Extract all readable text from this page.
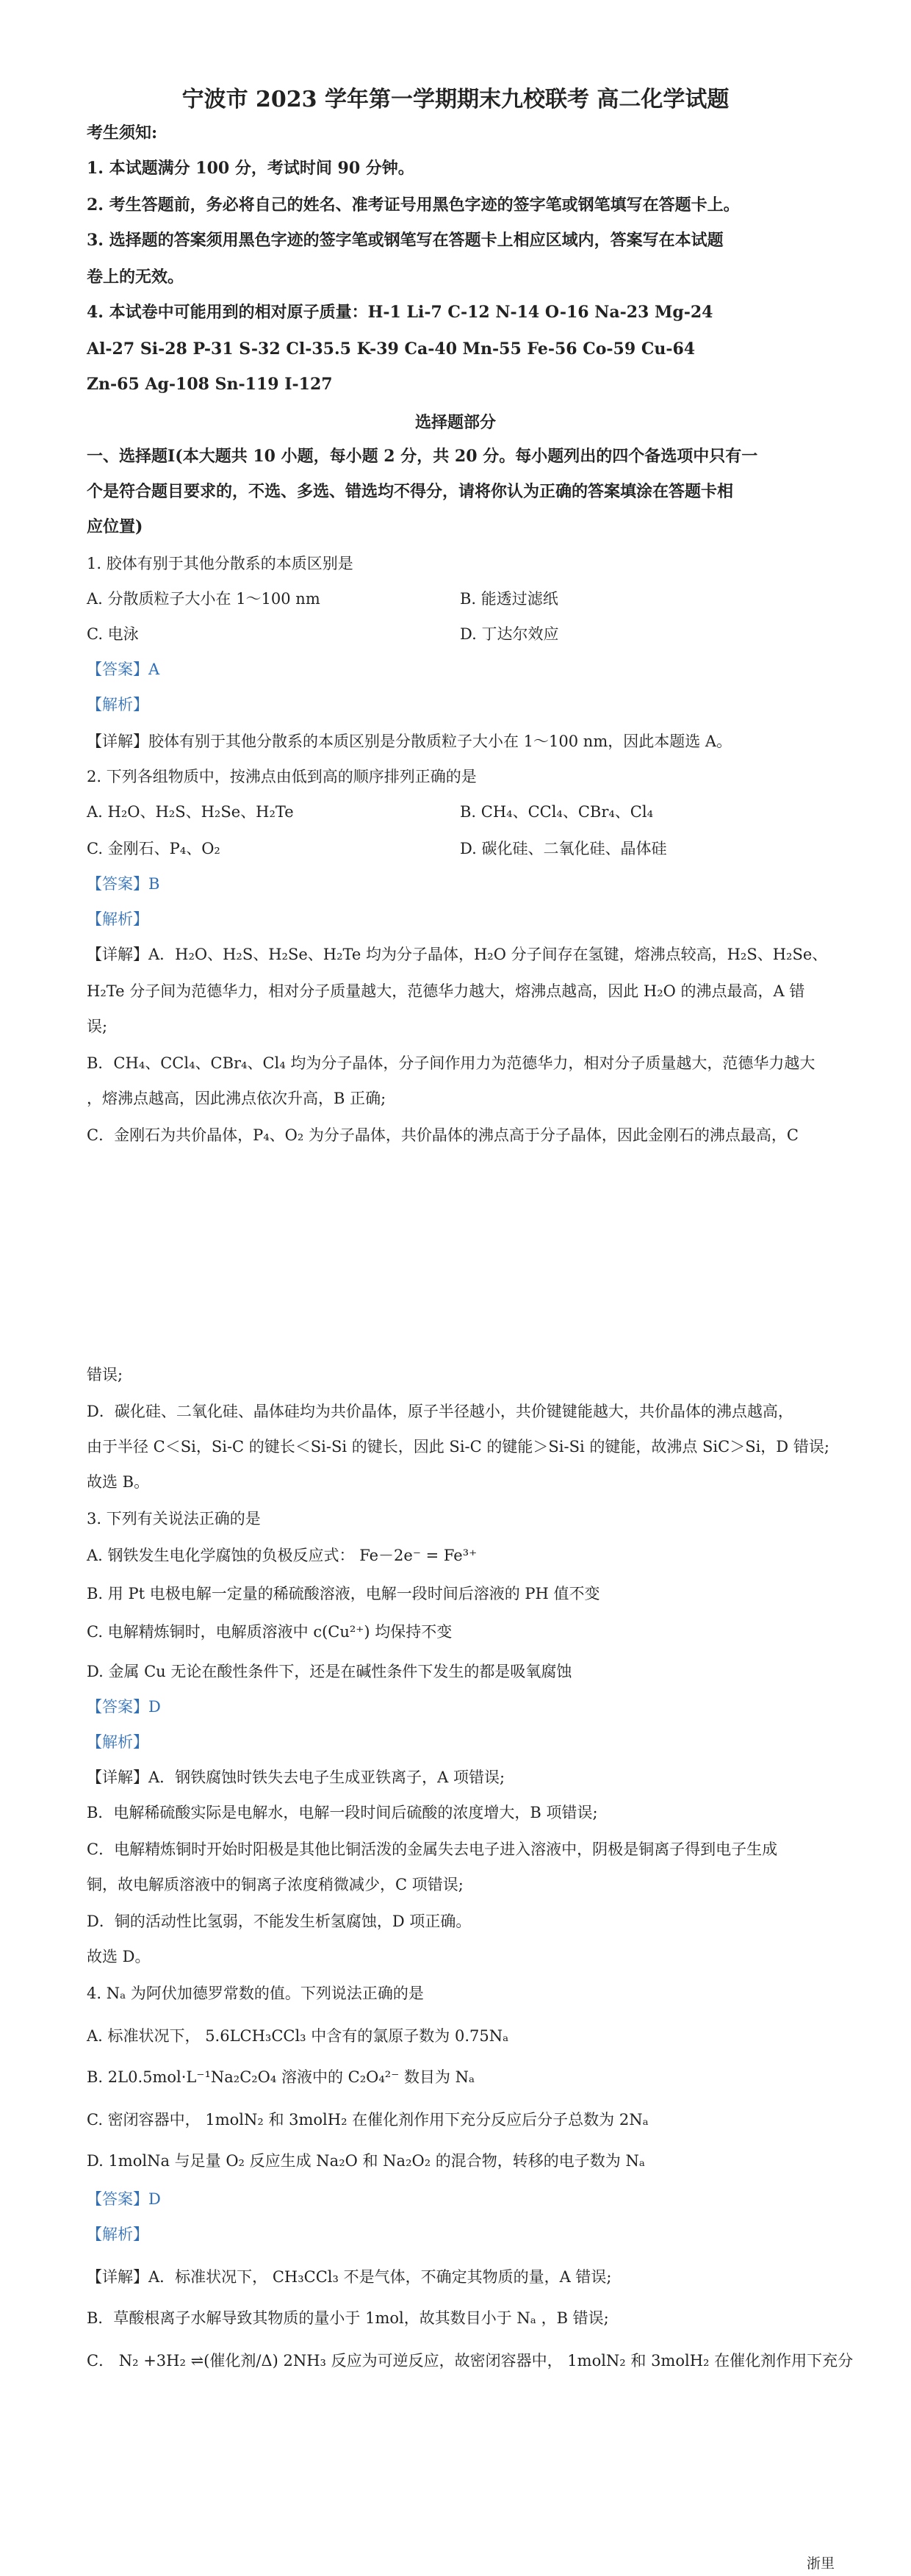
宁波市 2023 学年第一学期期末九校联考 高二化学试题
考生须知:
1. 本试题满分 100 分，考试时间 90 分钟。
2. 考生答题前，务必将自己的姓名、准考证号用黑色字迹的签字笔或钢笔填写在答题卡上。
3. 选择题的答案须用黑色字迹的签字笔或钢笔写在答题卡上相应区域内，答案写在本试题
卷上的无效。
4. 本试卷中可能用到的相对原子质量：H-1 Li-7 C-12 N-14 O-16 Na-23 Mg-24
Al-27 Si-28 P-31 S-32 Cl-35.5 K-39 Ca-40 Mn-55 Fe-56 Co-59 Cu-64
Zn-65 Ag-108 Sn-119 I-127
选择题部分
一、选择题Ⅰ(本大题共 10 小题，每小题 2 分，共 20 分。每小题列出的四个备选项中只有一
个是符合题目要求的，不选、多选、错选均不得分，请将你认为正确的答案填涂在答题卡相
应位置)
1. 胶体有别于其他分散系的本质区别是
A. 分散质粒子大小在 1～100 nm	B. 能透过滤纸
C. 电泳	D. 丁达尔效应
【答案】A
【解析】
【详解】胶体有别于其他分散系的本质区别是分散质粒子大小在 1～100 nm，因此本题选 A。
2. 下列各组物质中，按沸点由低到高的顺序排列正确的是
A. H₂O、H₂S、H₂Se、H₂Te	B. CH₄、CCl₄、CBr₄、Cl₄
C. 金刚石、P₄、O₂	D. 碳化硅、二氧化硅、晶体硅
【答案】B
【解析】
【详解】A．H₂O、H₂S、H₂Se、H₂Te 均为分子晶体，H₂O 分子间存在氢键，熔沸点较高，H₂S、H₂Se、
H₂Te 分子间为范德华力，相对分子质量越大，范德华力越大，熔沸点越高，因此 H₂O 的沸点最高，A 错
误;
B．CH₄、CCl₄、CBr₄、Cl₄ 均为分子晶体，分子间作用力为范德华力，相对分子质量越大，范德华力越大
，熔沸点越高，因此沸点依次升高，B 正确;
C．金刚石为共价晶体，P₄、O₂ 为分子晶体，共价晶体的沸点高于分子晶体，因此金刚石的沸点最高，C
错误;
D．碳化硅、二氧化硅、晶体硅均为共价晶体，原子半径越小，共价键键能越大，共价晶体的沸点越高，
由于半径 C＜Si，Si-C 的键长＜Si-Si 的键长，因此 Si-C 的键能＞Si-Si 的键能，故沸点 SiC＞Si，D 错误;
故选 B。
3. 下列有关说法正确的是
A. 钢铁发生电化学腐蚀的负极反应式： Fe－2e⁻ = Fe³⁺
B. 用 Pt 电极电解一定量的稀硫酸溶液，电解一段时间后溶液的 PH 值不变
C. 电解精炼铜时，电解质溶液中 c(Cu²⁺) 均保持不变
D. 金属 Cu 无论在酸性条件下，还是在碱性条件下发生的都是吸氧腐蚀
【答案】D
【解析】
【详解】A．钢铁腐蚀时铁失去电子生成亚铁离子，A 项错误;
B．电解稀硫酸实际是电解水，电解一段时间后硫酸的浓度增大，B 项错误;
C．电解精炼铜时开始时阳极是其他比铜活泼的金属失去电子进入溶液中，阴极是铜离子得到电子生成
铜，故电解质溶液中的铜离子浓度稍微减少，C 项错误;
D．铜的活动性比氢弱，不能发生析氢腐蚀，D 项正确。
故选 D。
4. Nₐ 为阿伏加德罗常数的值。下列说法正确的是
A. 标准状况下， 5.6LCH₃CCl₃ 中含有的氯原子数为 0.75Nₐ
B. 2L0.5mol·L⁻¹Na₂C₂O₄ 溶液中的 C₂O₄²⁻ 数目为 Nₐ
C. 密闭容器中， 1molN₂ 和 3molH₂ 在催化剂作用下充分反应后分子总数为 2Nₐ
D. 1molNa 与足量 O₂ 反应生成 Na₂O 和 Na₂O₂ 的混合物，转移的电子数为 Nₐ
【答案】D
【解析】
【详解】A．标准状况下， CH₃CCl₃ 不是气体，不确定其物质的量，A 错误;
B．草酸根离子水解导致其物质的量小于 1mol，故其数目小于 Nₐ ，B 错误;
C． N₂ +3H₂ ⇌(催化剂/Δ) 2NH₃ 反应为可逆反应，故密闭容器中， 1molN₂ 和 3molH₂ 在催化剂作用下充分
浙里
